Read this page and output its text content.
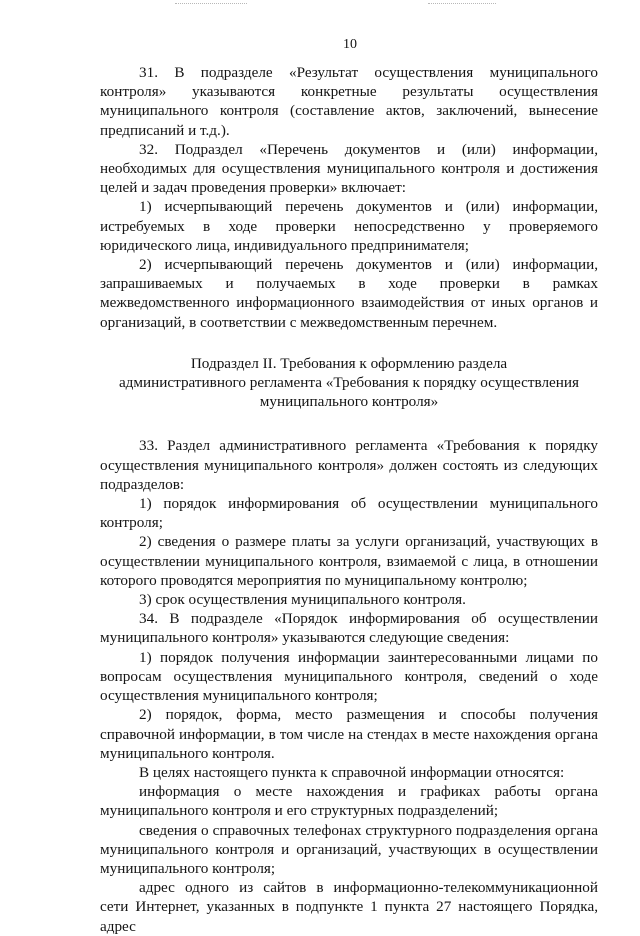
10

31. В подразделе «Результат осуществления муниципального контроля» указываются конкретные результаты осуществления муниципального контроля (составление актов, заключений, вынесение предписаний и т.д.).

32. Подраздел «Перечень документов и (или) информации, необходимых для осуществления муниципального контроля и достижения целей и задач проведения проверки» включает:

1) исчерпывающий перечень документов и (или) информации, истребуемых в ходе проверки непосредственно у проверяемого юридического лица, индивидуального предпринимателя;

2) исчерпывающий перечень документов и (или) информации, запрашиваемых и получаемых в ходе проверки в рамках межведомственного информационного взаимодействия от иных органов и организаций, в соответствии с межведомственным перечнем.

Подраздел II. Требования к оформлению раздела
административного регламента «Требования к порядку осуществления
муниципального контроля»

33. Раздел административного регламента «Требования к порядку осуществления муниципального контроля» должен состоять из следующих подразделов:

1) порядок информирования об осуществлении муниципального контроля;

2) сведения о размере платы за услуги организаций, участвующих в осуществлении муниципального контроля, взимаемой с лица, в отношении которого проводятся мероприятия по муниципальному контролю;

3) срок осуществления муниципального контроля.

34. В подразделе «Порядок информирования об осуществлении муниципального контроля» указываются следующие сведения:

1) порядок получения информации заинтересованными лицами по вопросам осуществления муниципального контроля, сведений о ходе осуществления муниципального контроля;

2) порядок, форма, место размещения и способы получения справочной информации, в том числе на стендах в месте нахождения органа муниципального контроля.

В целях настоящего пункта к справочной информации относятся:

информация о месте нахождения и графиках работы органа муниципального контроля и его структурных подразделений;

сведения о справочных телефонах структурного подразделения органа муниципального контроля и организаций, участвующих в осуществлении муниципального контроля;

адрес одного из сайтов в информационно-телекоммуникационной сети Интернет, указанных в подпункте 1 пункта 27 настоящего Порядка, адрес
